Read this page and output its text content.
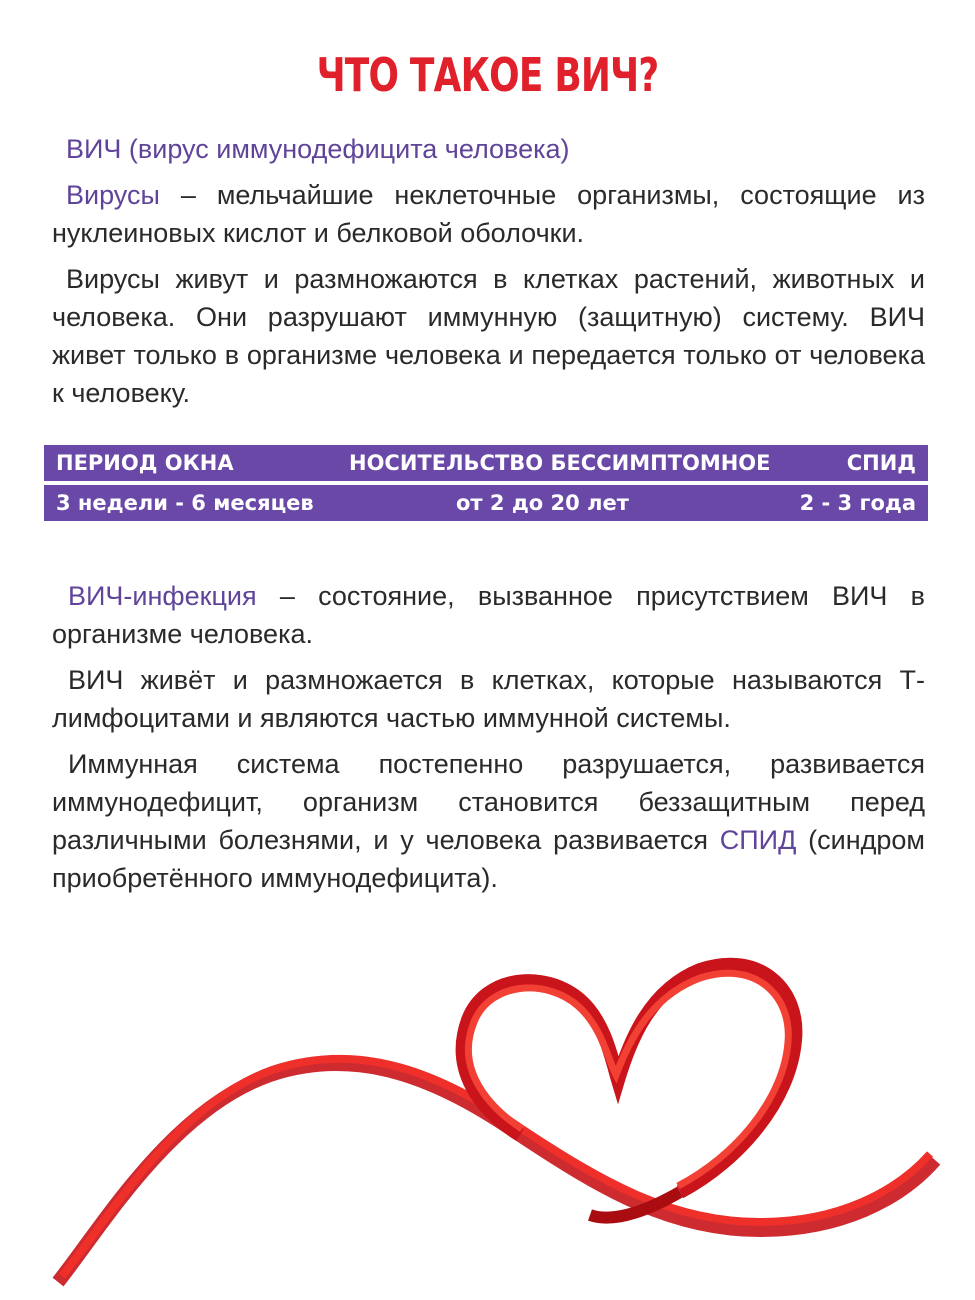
ЧТО ТАКОЕ ВИЧ?
ВИЧ (вирус иммунодефицита человека)
Вирусы – мельчайшие неклеточные организмы, состоящие из нуклеиновых кислот и белковой оболочки.
Вирусы живут и размножаются в клетках растений, животных и человека. Они разрушают иммунную (защитную) систему. ВИЧ живет только в организме человека и передается только от человека к человеку.
ПЕРИОД ОКНА	НОСИТЕЛЬСТВО БЕССИМПТОМНОЕ	СПИД
3 недели - 6 месяцев	от 2 до 20 лет	2 - 3 года
ВИЧ-инфекция – состояние, вызванное присутствием ВИЧ в организме человека.
ВИЧ живёт и размножается в клетках, которые называются Т-лимфоцитами и являются частью иммунной системы.
Иммунная система постепенно разрушается, развивается иммунодефицит, организм становится беззащитным перед различными болезнями, и у человека развивается СПИД (синдром приобретённого иммунодефицита).
